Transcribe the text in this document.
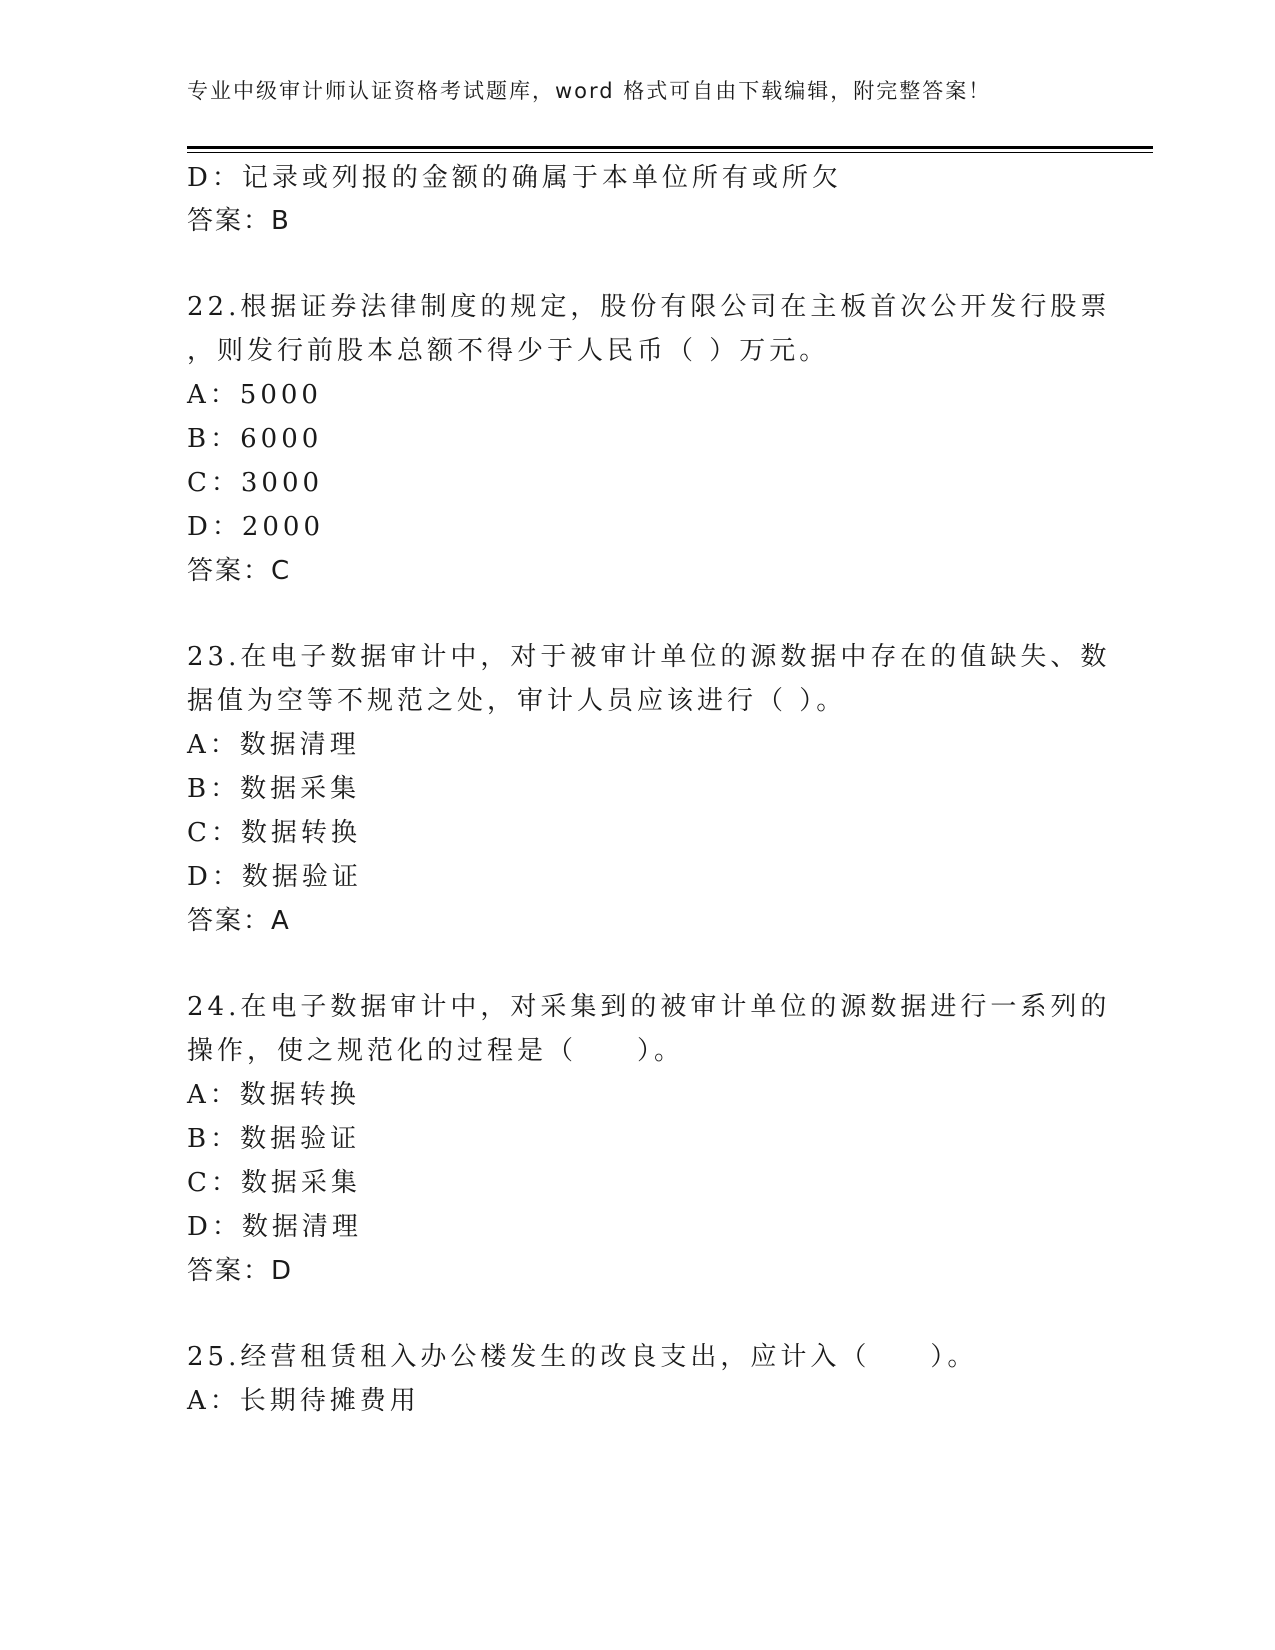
专业中级审计师认证资格考试题库，word 格式可自由下载编辑，附完整答案！
D：记录或列报的金额的确属于本单位所有或所欠
答案：B
22.根据证券法律制度的规定，股份有限公司在主板首次公开发行股票
，则发行前股本总额不得少于人民币（ ）万元。
A：5000
B：6000
C：3000
D：2000
答案：C
23.在电子数据审计中，对于被审计单位的源数据中存在的值缺失、数
据值为空等不规范之处，审计人员应该进行（ ）。
A：数据清理
B：数据采集
C：数据转换
D：数据验证
答案：A
24.在电子数据审计中，对采集到的被审计单位的源数据进行一系列的
操作，使之规范化的过程是（　　）。
A：数据转换
B：数据验证
C：数据采集
D：数据清理
答案：D
25.经营租赁租入办公楼发生的改良支出，应计入（　　）。
A：长期待摊费用
